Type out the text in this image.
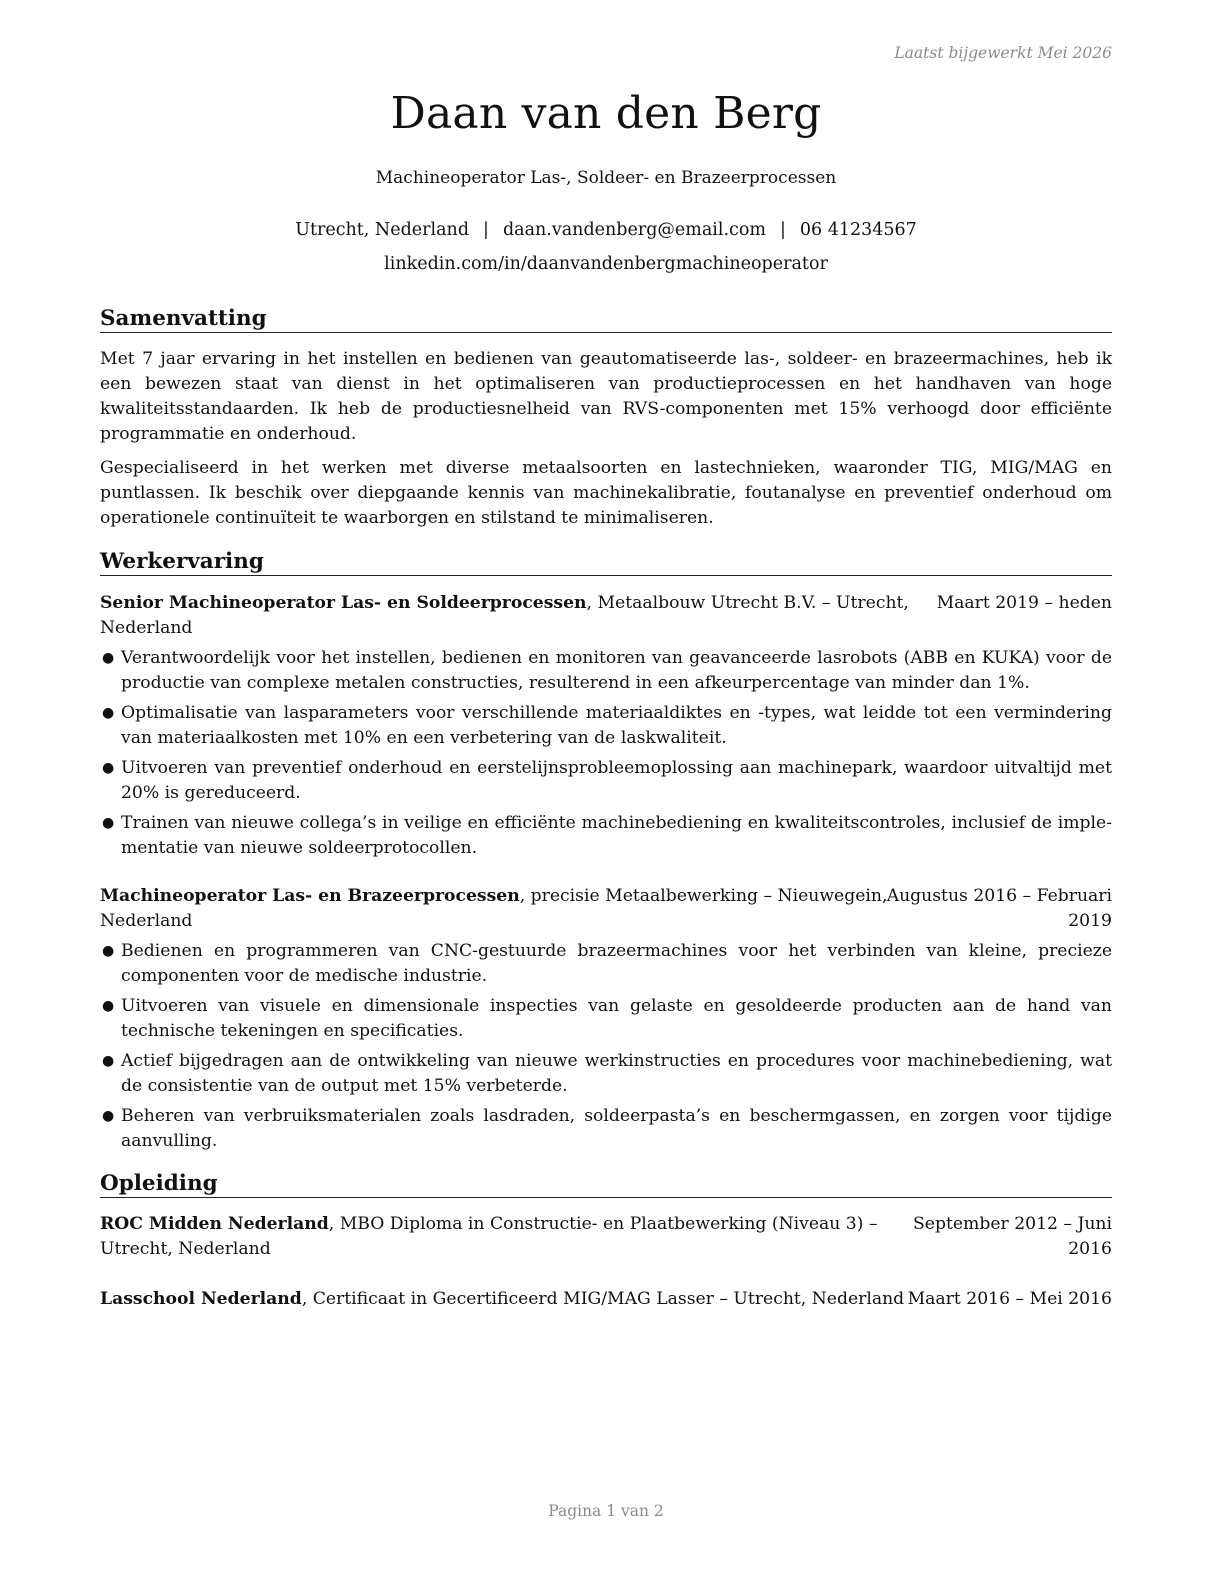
Laatst bijgewerkt Mei 2026
Daan van den Berg
Machineoperator Las-, Soldeer- en Brazeerprocessen
Utrecht, Nederland | daan.vandenberg@email.com | 06 41234567
linkedin.com/in/daanvandenbergmachineoperator
Samenvatting

Met 7 jaar ervaring in het instellen en bedienen van geautomatiseerde las-, soldeer- en brazeermachines, heb ik een bewezen staat van dienst in het optimaliseren van productieprocessen en het handhaven van hoge kwaliteitsstandaarden. Ik heb de productiesnelheid van RVS-componenten met 15% verhoogd door efficiënte programmatie en onderhoud.

Gespecialiseerd in het werken met diverse metaalsoorten en lastechnieken, waaronder TIG, MIG/MAG en puntlassen. Ik beschik over diepgaande kennis van machinekalibratie, foutanalyse en preventief onderhoud om operationele continuïteit te waarborgen en stilstand te minimaliseren.

Werkervaring
Senior Machineoperator Las- en Soldeerprocessen, Metaalbouw Utrecht B.V. – Utrecht,
Nederland
Maart 2019 – heden
● Verantwoordelijk voor het instellen, bedienen en monitoren van geavanceerde lasrobots (ABB en KUKA) voor de productie van complexe metalen constructies, resulterend in een afkeurpercentage van minder dan 1%.
● Optimalisatie van lasparameters voor verschillende materiaaldiktes en -types, wat leidde tot een vermindering van materiaalkosten met 10% en een verbetering van de laskwaliteit.
● Uitvoeren van preventief onderhoud en eerstelijnsprobleemoplossing aan machinepark, waardoor uitvaltijd met 20% is gereduceerd.
● Trainen van nieuwe collega’s in veilige en efficiënte machinebediening en kwaliteitscontroles, inclusief de implementatie van nieuwe soldeerprotocollen.
Machineoperator Las- en Brazeerprocessen, precisie Metaalbewerking – Nieuwegein,
Nederland
Augustus 2016 – Februari
2019
● Bedienen en programmeren van CNC-gestuurde brazeermachines voor het verbinden van kleine, precieze componenten voor de medische industrie.
● Uitvoeren van visuele en dimensionale inspecties van gelaste en gesoldeerde producten aan de hand van technische tekeningen en specificaties.
● Actief bijgedragen aan de ontwikkeling van nieuwe werkinstructies en procedures voor machinebediening, wat de consistentie van de output met 15% verbeterde.
● Beheren van verbruiksmaterialen zoals lasdraden, soldeerpasta’s en beschermgassen, en zorgen voor tijdige aanvulling.
Opleiding
ROC Midden Nederland, MBO Diploma in Constructie- en Plaatbewerking (Niveau 3) –
Utrecht, Nederland
September 2012 – Juni
2016
Lasschool Nederland, Certificaat in Gecertificeerd MIG/MAG Lasser – Utrecht, Nederland Maart 2016 – Mei 2016
Pagina 1 van 2
